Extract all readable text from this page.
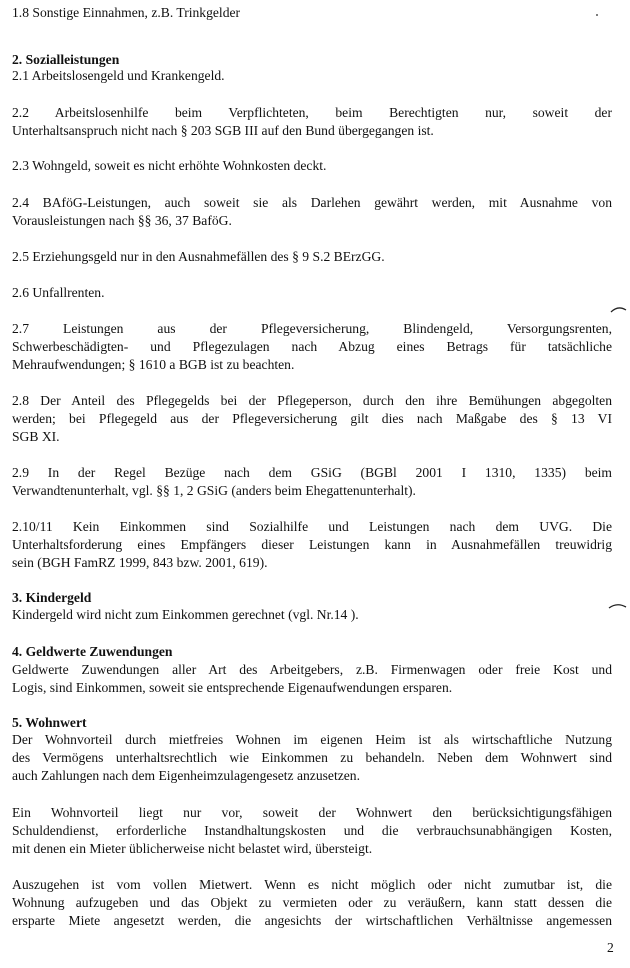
1.8 Sonstige Einnahmen, z.B. Trinkgelder
2. Sozialleistungen
2.1 Arbeitslosengeld und Krankengeld.
2.2 Arbeitslosenhilfe beim Verpflichteten, beim Berechtigten nur, soweit der
Unterhaltsanspruch nicht nach § 203 SGB III auf den Bund übergegangen ist.
2.3 Wohngeld, soweit es nicht erhöhte Wohnkosten deckt.
2.4 BAföG-Leistungen, auch soweit sie als Darlehen gewährt werden, mit Ausnahme von
Vorausleistungen nach §§ 36, 37 BaföG.
2.5 Erziehungsgeld nur in den Ausnahmefällen des § 9 S.2 BErzGG.
2.6 Unfallrenten.
2.7 Leistungen aus der Pflegeversicherung, Blindengeld, Versorgungsrenten,
Schwerbeschädigten- und Pflegezulagen nach Abzug eines Betrags für tatsächliche
Mehraufwendungen; § 1610 a BGB ist zu beachten.
2.8 Der Anteil des Pflegegelds bei der Pflegeperson, durch den ihre Bemühungen abgegolten
werden; bei Pflegegeld aus der Pflegeversicherung gilt dies nach Maßgabe des § 13 VI
SGB XI.
2.9 In der Regel Bezüge nach dem GSiG (BGBl 2001 I 1310, 1335) beim
Verwandtenunterhalt, vgl. §§ 1, 2 GSiG (anders beim Ehegattenunterhalt).
2.10/11 Kein Einkommen sind Sozialhilfe und Leistungen nach dem UVG. Die
Unterhaltsforderung eines Empfängers dieser Leistungen kann in Ausnahmefällen treuwidrig
sein (BGH FamRZ 1999, 843 bzw. 2001, 619).
3. Kindergeld
Kindergeld wird nicht zum Einkommen gerechnet (vgl. Nr.14 ).
4. Geldwerte Zuwendungen
Geldwerte Zuwendungen aller Art des Arbeitgebers, z.B. Firmenwagen oder freie Kost und
Logis, sind Einkommen, soweit sie entsprechende Eigenaufwendungen ersparen.
5. Wohnwert
Der Wohnvorteil durch mietfreies Wohnen im eigenen Heim ist als wirtschaftliche Nutzung
des Vermögens unterhaltsrechtlich wie Einkommen zu behandeln. Neben dem Wohnwert sind
auch Zahlungen nach dem Eigenheimzulagengesetz anzusetzen.
Ein Wohnvorteil liegt nur vor, soweit der Wohnwert den berücksichtigungsfähigen
Schuldendienst, erforderliche Instandhaltungskosten und die verbrauchsunabhängigen Kosten,
mit denen ein Mieter üblicherweise nicht belastet wird, übersteigt.
Auszugehen ist vom vollen Mietwert. Wenn es nicht möglich oder nicht zumutbar ist, die
Wohnung aufzugeben und das Objekt zu vermieten oder zu veräußern, kann statt dessen die
ersparte Miete angesetzt werden, die angesichts der wirtschaftlichen Verhältnisse angemessen
2
